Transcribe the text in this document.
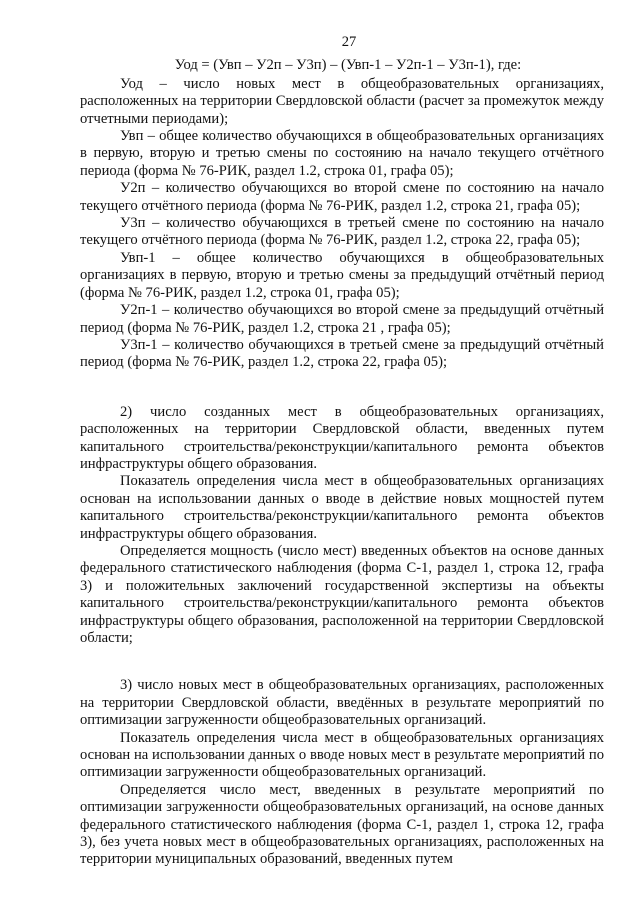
27
Уод = (Увп – У2п – У3п) – (Увп-1 – У2п-1 – У3п-1), где:

Уод – число новых мест в общеобразовательных организациях, расположенных на территории Свердловской области (расчет за промежуток между отчетными периодами);

Увп – общее количество обучающихся в общеобразовательных организациях в первую, вторую и третью смены по состоянию на начало текущего отчётного периода (форма № 76-РИК, раздел 1.2, строка 01, графа 05);

У2п – количество обучающихся во второй смене по состоянию на начало текущего отчётного периода (форма № 76-РИК, раздел 1.2, строка 21, графа 05);

У3п – количество обучающихся в третьей смене по состоянию на начало текущего отчётного периода (форма № 76-РИК, раздел 1.2, строка 22, графа 05);

Увп-1 – общее количество обучающихся в общеобразовательных организациях в первую, вторую и третью смены за предыдущий отчётный период (форма № 76-РИК, раздел 1.2, строка 01, графа 05);

У2п-1 – количество обучающихся во второй смене за предыдущий отчётный период (форма № 76-РИК, раздел 1.2, строка 21 , графа 05);

У3п-1 – количество обучающихся в третьей смене за предыдущий отчётный период (форма № 76-РИК, раздел 1.2, строка 22, графа 05);

2) число созданных мест в общеобразовательных организациях, расположенных на территории Свердловской области, введенных путем капитального строительства/реконструкции/капитального ремонта объектов инфраструктуры общего образования.

Показатель определения числа мест в общеобразовательных организациях основан на использовании данных о вводе в действие новых мощностей путем капитального строительства/реконструкции/капитального ремонта объектов инфраструктуры общего образования.

Определяется мощность (число мест) введенных объектов на основе данных федерального статистического наблюдения (форма С-1, раздел 1, строка 12, графа 3) и положительных заключений государственной экспертизы на объекты капитального строительства/реконструкции/капитального ремонта объектов инфраструктуры общего образования, расположенной на территории Свердловской области;

3) число новых мест в общеобразовательных организациях, расположенных на территории Свердловской области, введённых в результате мероприятий по оптимизации загруженности общеобразовательных организаций.

Показатель определения числа мест в общеобразовательных организациях основан на использовании данных о вводе новых мест в результате мероприятий по оптимизации загруженности общеобразовательных организаций.

Определяется число мест, введенных в результате мероприятий по оптимизации загруженности общеобразовательных организаций, на основе данных федерального статистического наблюдения (форма С-1, раздел 1, строка 12, графа 3), без учета новых мест в общеобразовательных организациях, расположенных на территории муниципальных образований, введенных путем
